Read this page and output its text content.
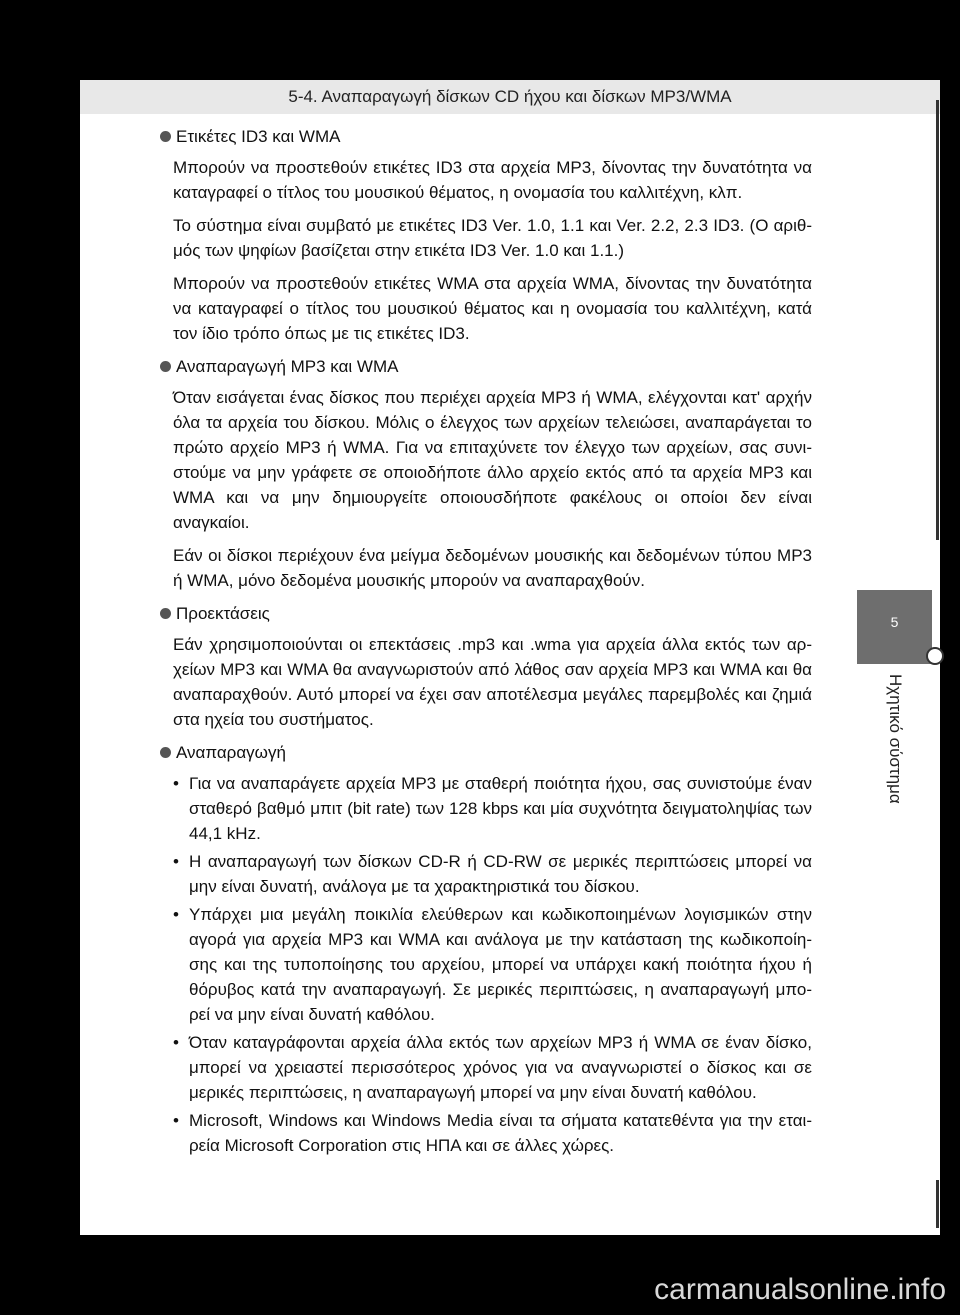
5-4. Αναπαραγωγή δίσκων CD ήχου και δίσκων MP3/WMA
5
Ηχητικό σύστημα
Ετικέτες ID3 και WMA

Μπορούν να προστεθούν ετικέτες ID3 στα αρχεία MP3, δίνοντας την δυνατότητα να καταγραφεί ο τίτλος του μουσικού θέματος, η ονομασία του καλλιτέχνη, κλπ.

Το σύστημα είναι συμβατό με ετικέτες ID3 Ver. 1.0, 1.1 και Ver. 2.2, 2.3 ID3. (Ο αριθ-μός των ψηφίων βασίζεται στην ετικέτα ID3 Ver. 1.0 και 1.1.)

Μπορούν να προστεθούν ετικέτες WMA στα αρχεία WMA, δίνοντας την δυνατότητα να καταγραφεί ο τίτλος του μουσικού θέματος και η ονομασία του καλλιτέχνη, κατά τον ίδιο τρόπο όπως με τις ετικέτες ID3.

Αναπαραγωγή MP3 και WMA

Όταν εισάγεται ένας δίσκος που περιέχει αρχεία MP3 ή WMA, ελέγχονται κατ' αρχήν όλα τα αρχεία του δίσκου. Μόλις ο έλεγχος των αρχείων τελειώσει, αναπαράγεται το πρώτο αρχείο MP3 ή WMA. Για να επιταχύνετε τον έλεγχο των αρχείων, σας συνι-στούμε να μην γράφετε σε οποιοδήποτε άλλο αρχείο εκτός από τα αρχεία MP3 και WMA και να μην δημιουργείτε οποιουσδήποτε φακέλους οι οποίοι δεν είναι αναγκαίοι.

Εάν οι δίσκοι περιέχουν ένα μείγμα δεδομένων μουσικής και δεδομένων τύπου MP3 ή WMA, μόνο δεδομένα μουσικής μπορούν να αναπαραχθούν.

Προεκτάσεις

Εάν χρησιμοποιούνται οι επεκτάσεις .mp3 και .wma για αρχεία άλλα εκτός των αρ-χείων MP3 και WMA θα αναγνωριστούν από λάθος σαν αρχεία MP3 και WMA και θα αναπαραχθούν. Αυτό μπορεί να έχει σαν αποτέλεσμα μεγάλες παρεμβολές και ζημιά στα ηχεία του συστήματος.

Αναπαραγωγή
• Για να αναπαράγετε αρχεία MP3 με σταθερή ποιότητα ήχου, σας συνιστούμε έναν σταθερό βαθμό μπιτ (bit rate) των 128 kbps και μία συχνότητα δειγματοληψίας των 44,1 kHz.
• Η αναπαραγωγή των δίσκων CD-R ή CD-RW σε μερικές περιπτώσεις μπορεί να μην είναι δυνατή, ανάλογα με τα χαρακτηριστικά του δίσκου.
• Υπάρχει μια μεγάλη ποικιλία ελεύθερων και κωδικοποιημένων λογισμικών στην αγορά για αρχεία MP3 και WMA και ανάλογα με την κατάσταση της κωδικοποίη-σης και της τυποποίησης του αρχείου, μπορεί να υπάρχει κακή ποιότητα ήχου ή θόρυβος κατά την αναπαραγωγή. Σε μερικές περιπτώσεις, η αναπαραγωγή μπο-ρεί να μην είναι δυνατή καθόλου.
• Όταν καταγράφονται αρχεία άλλα εκτός των αρχείων MP3 ή WMA σε έναν δίσκο, μπορεί να χρειαστεί περισσότερος χρόνος για να αναγνωριστεί ο δίσκος και σε μερικές περιπτώσεις, η αναπαραγωγή μπορεί να μην είναι δυνατή καθόλου.
• Microsoft, Windows και Windows Media είναι τα σήματα κατατεθέντα για την εται-ρεία Microsoft Corporation στις ΗΠΑ και σε άλλες χώρες.
carmanualsonline.info
